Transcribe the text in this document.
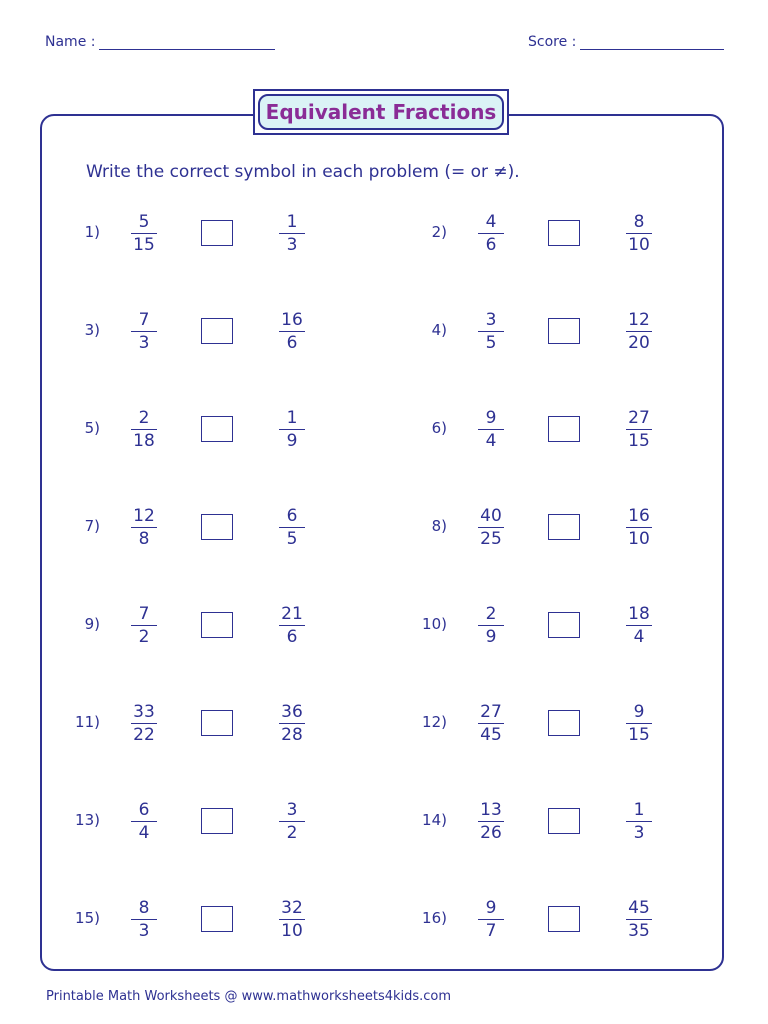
Name :	Score :
Equivalent Fractions
Write the correct symbol in each problem (= or ≠).
$1) \frac{5}{15}$	$\frac{1}{3}$	$2) \frac{4}{6}$	$\frac{8}{10}$
$3) \frac{7}{3}$	$\frac{16}{6}$	$4) \frac{3}{5}$	$\frac{12}{20}$
$5) \frac{2}{18}$	$\frac{1}{9}$	$6) \frac{9}{4}$	$\frac{27}{15}$
$7) \frac{12}{8}$	$\frac{6}{5}$	$8) \frac{40}{25}$	$\frac{16}{10}$
$9) \frac{7}{2}$	$\frac{21}{6}$	$10) \frac{2}{9}$	$\frac{18}{4}$
$11) \frac{33}{22}$	$\frac{36}{28}$	$12) \frac{27}{45}$	$\frac{9}{15}$
$13) \frac{6}{4}$	$\frac{3}{2}$	$14) \frac{13}{26}$	$\frac{1}{3}$
$15) \frac{8}{3}$	$\frac{32}{10}$	$16) \frac{9}{7}$	$\frac{45}{35}$
Printable Math Worksheets @ www.mathworksheets4kids.com
